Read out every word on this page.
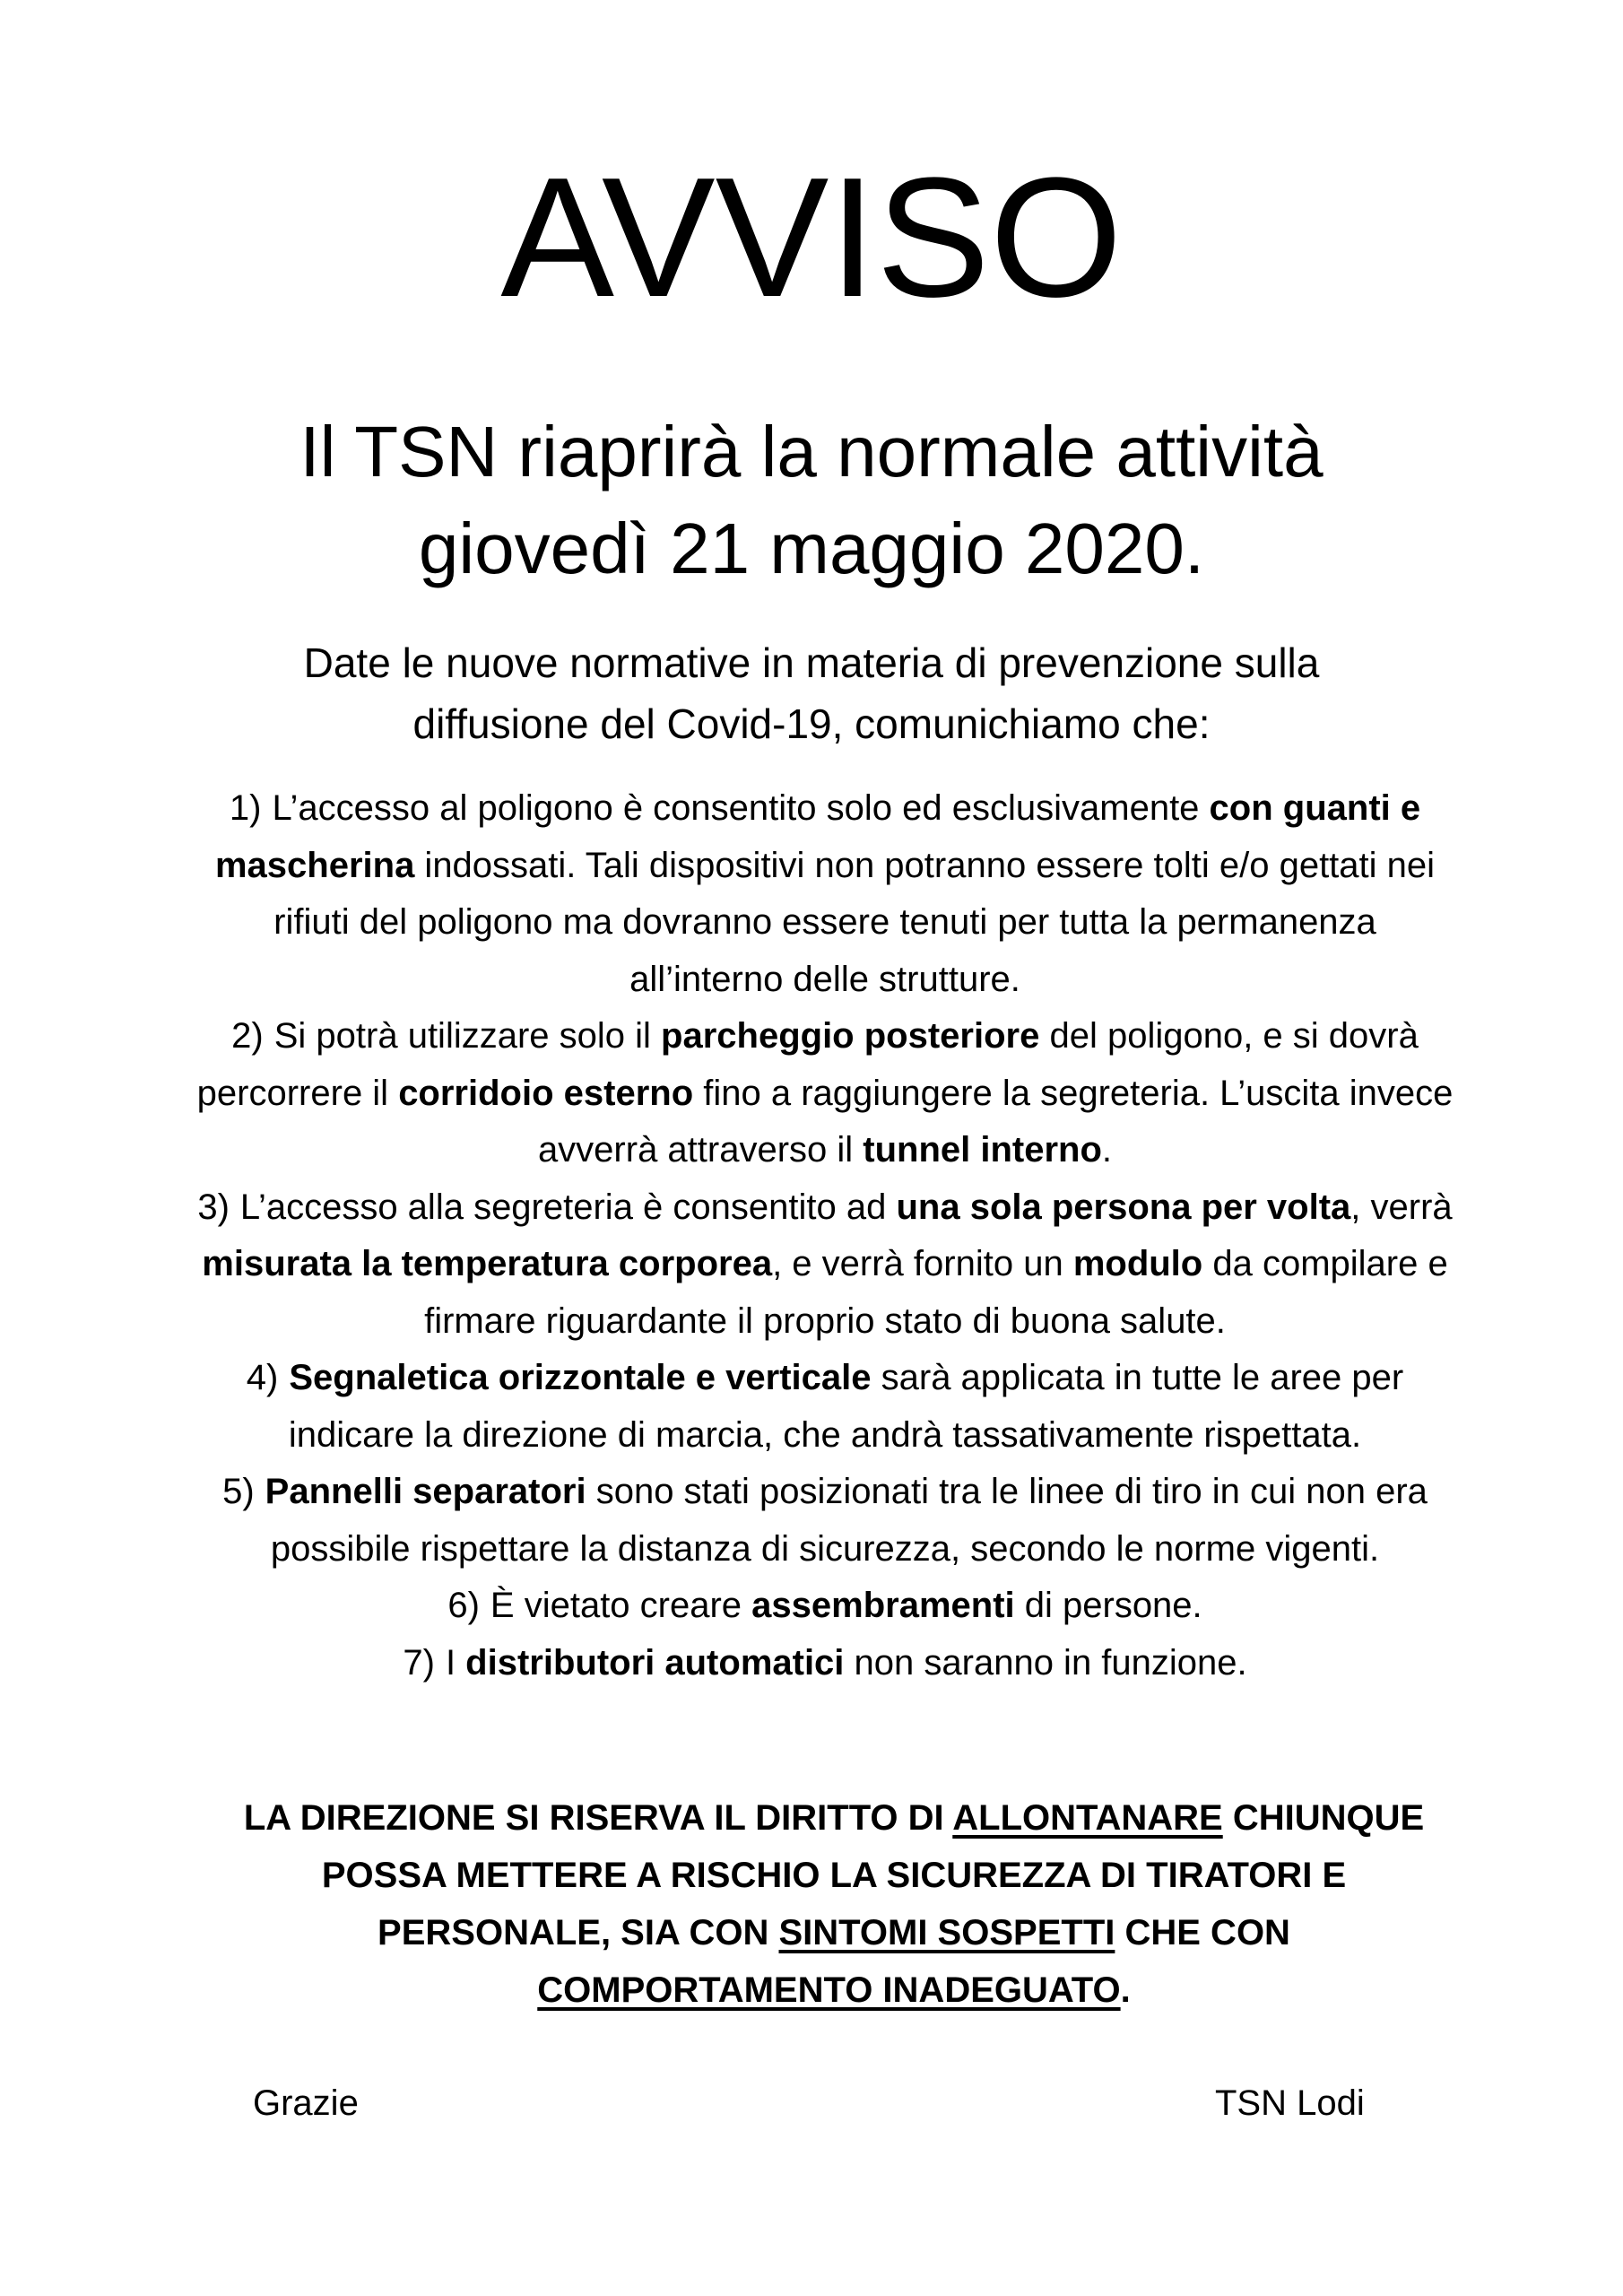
AVVISO
Il TSN riaprirà la normale attività
giovedì 21 maggio 2020.
Date le nuove normative in materia di prevenzione sulla
diffusione del Covid-19, comunichiamo che:
1) L’accesso al poligono è consentito solo ed esclusivamente con guanti e mascherina indossati. Tali dispositivi non potranno essere tolti e/o gettati nei rifiuti del poligono ma dovranno essere tenuti per tutta la permanenza all’interno delle strutture.
2) Si potrà utilizzare solo il parcheggio posteriore del poligono, e si dovrà percorrere il corridoio esterno fino a raggiungere la segreteria. L’uscita invece avverrà attraverso il tunnel interno.
3) L’accesso alla segreteria è consentito ad una sola persona per volta, verrà misurata la temperatura corporea, e verrà fornito un modulo da compilare e firmare riguardante il proprio stato di buona salute.
4) Segnaletica orizzontale e verticale sarà applicata in tutte le aree per indicare la direzione di marcia, che andrà tassativamente rispettata.
5) Pannelli separatori sono stati posizionati tra le linee di tiro in cui non era possibile rispettare la distanza di sicurezza, secondo le norme vigenti.
6) È vietato creare assembramenti di persone.
7) I distributori automatici non saranno in funzione.
LA DIREZIONE SI RISERVA IL DIRITTO DI ALLONTANARE CHIUNQUE POSSA METTERE A RISCHIO LA SICUREZZA DI TIRATORI E PERSONALE, SIA CON SINTOMI SOSPETTI CHE CON COMPORTAMENTO INADEGUATO.
Grazie	TSN Lodi
